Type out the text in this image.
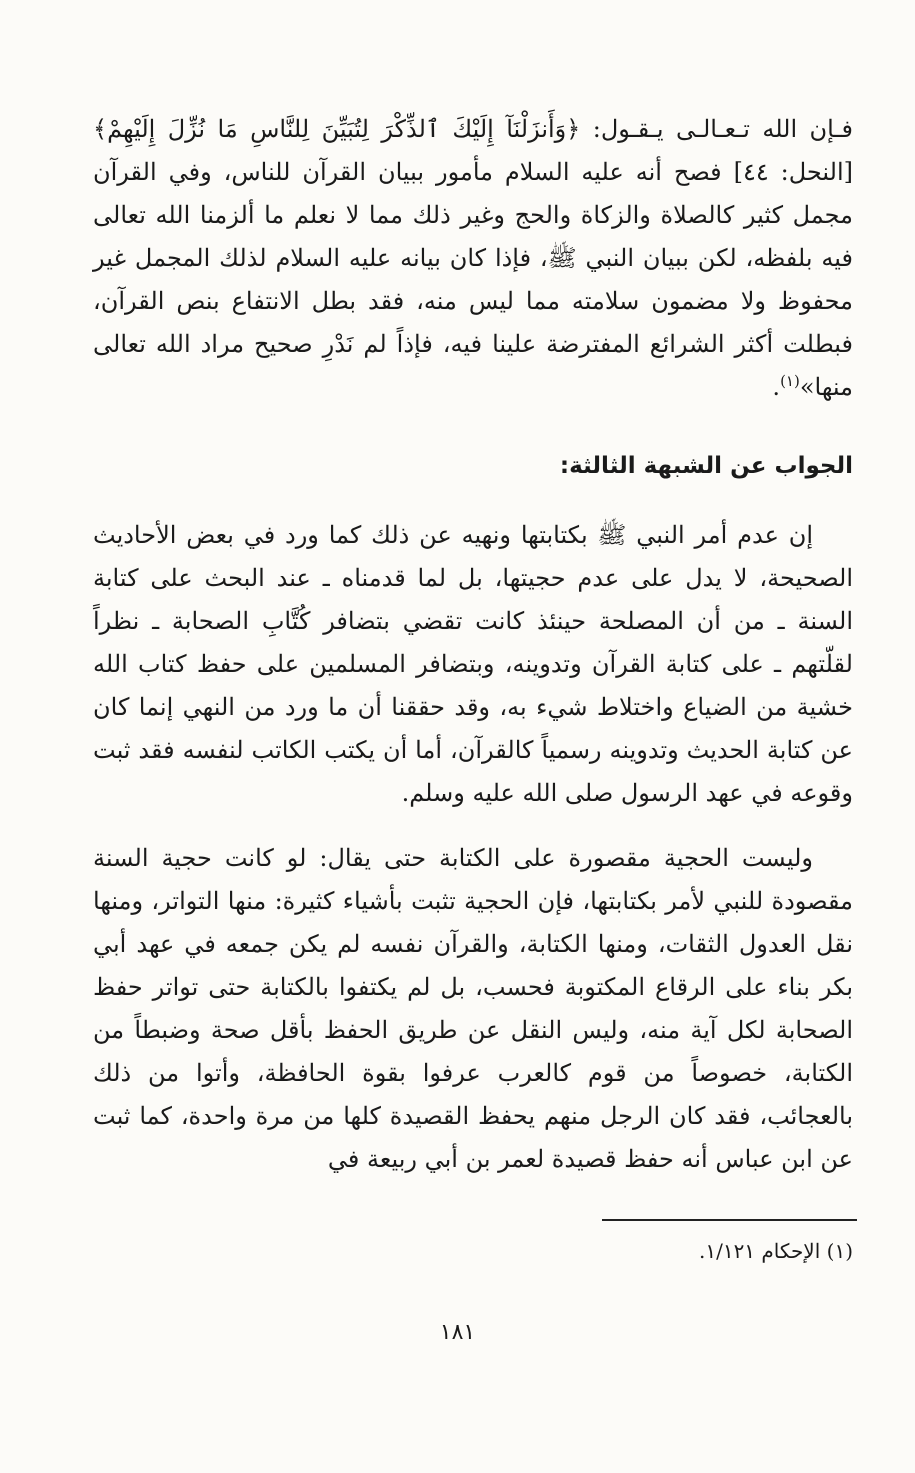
فـإن الله تـعـالـى يـقـول: ﴿وَأَنزَلْنَآ إِلَيْكَ ٱلذِّكْرَ لِتُبَيِّنَ لِلنَّاسِ مَا نُزِّلَ إِلَيْهِمْ﴾ [النحل: ٤٤] فصح أنه عليه السلام مأمور ببيان القرآن للناس، وفي القرآن مجمل كثير كالصلاة والزكاة والحج وغير ذلك مما لا نعلم ما ألزمنا الله تعالى فيه بلفظه، لكن ببيان النبي ﷺ، فإذا كان بيانه عليه السلام لذلك المجمل غير محفوظ ولا مضمون سلامته مما ليس منه، فقد بطل الانتفاع بنص القرآن، فبطلت أكثر الشرائع المفترضة علينا فيه، فإذاً لم نَدْرِ صحيح مراد الله تعالى منها»$^{(١)}$.

الجواب عن الشبهة الثالثة:

إن عدم أمر النبي ﷺ بكتابتها ونهيه عن ذلك كما ورد في بعض الأحاديث الصحيحة، لا يدل على عدم حجيتها، بل لما قدمناه ـ عند البحث على كتابة السنة ـ من أن المصلحة حينئذ كانت تقضي بتضافر كُتَّابِ الصحابة ـ نظراً لقلّتهم ـ على كتابة القرآن وتدوينه، وبتضافر المسلمين على حفظ كتاب الله خشية من الضياع واختلاط شيء به، وقد حققنا أن ما ورد من النهي إنما كان عن كتابة الحديث وتدوينه رسمياً كالقرآن، أما أن يكتب الكاتب لنفسه فقد ثبت وقوعه في عهد الرسول صلى الله عليه وسلم.

وليست الحجية مقصورة على الكتابة حتى يقال: لو كانت حجية السنة مقصودة للنبي لأمر بكتابتها، فإن الحجية تثبت بأشياء كثيرة: منها التواتر، ومنها نقل العدول الثقات، ومنها الكتابة، والقرآن نفسه لم يكن جمعه في عهد أبي بكر بناء على الرقاع المكتوبة فحسب، بل لم يكتفوا بالكتابة حتى تواتر حفظ الصحابة لكل آية منه، وليس النقل عن طريق الحفظ بأقل صحة وضبطاً من الكتابة، خصوصاً من قوم كالعرب عرفوا بقوة الحافظة، وأتوا من ذلك بالعجائب، فقد كان الرجل منهم يحفظ القصيدة كلها من مرة واحدة، كما ثبت عن ابن عباس أنه حفظ قصيدة لعمر بن أبي ربيعة في

(١) الإحكام ١/١٢١.

١٨١
